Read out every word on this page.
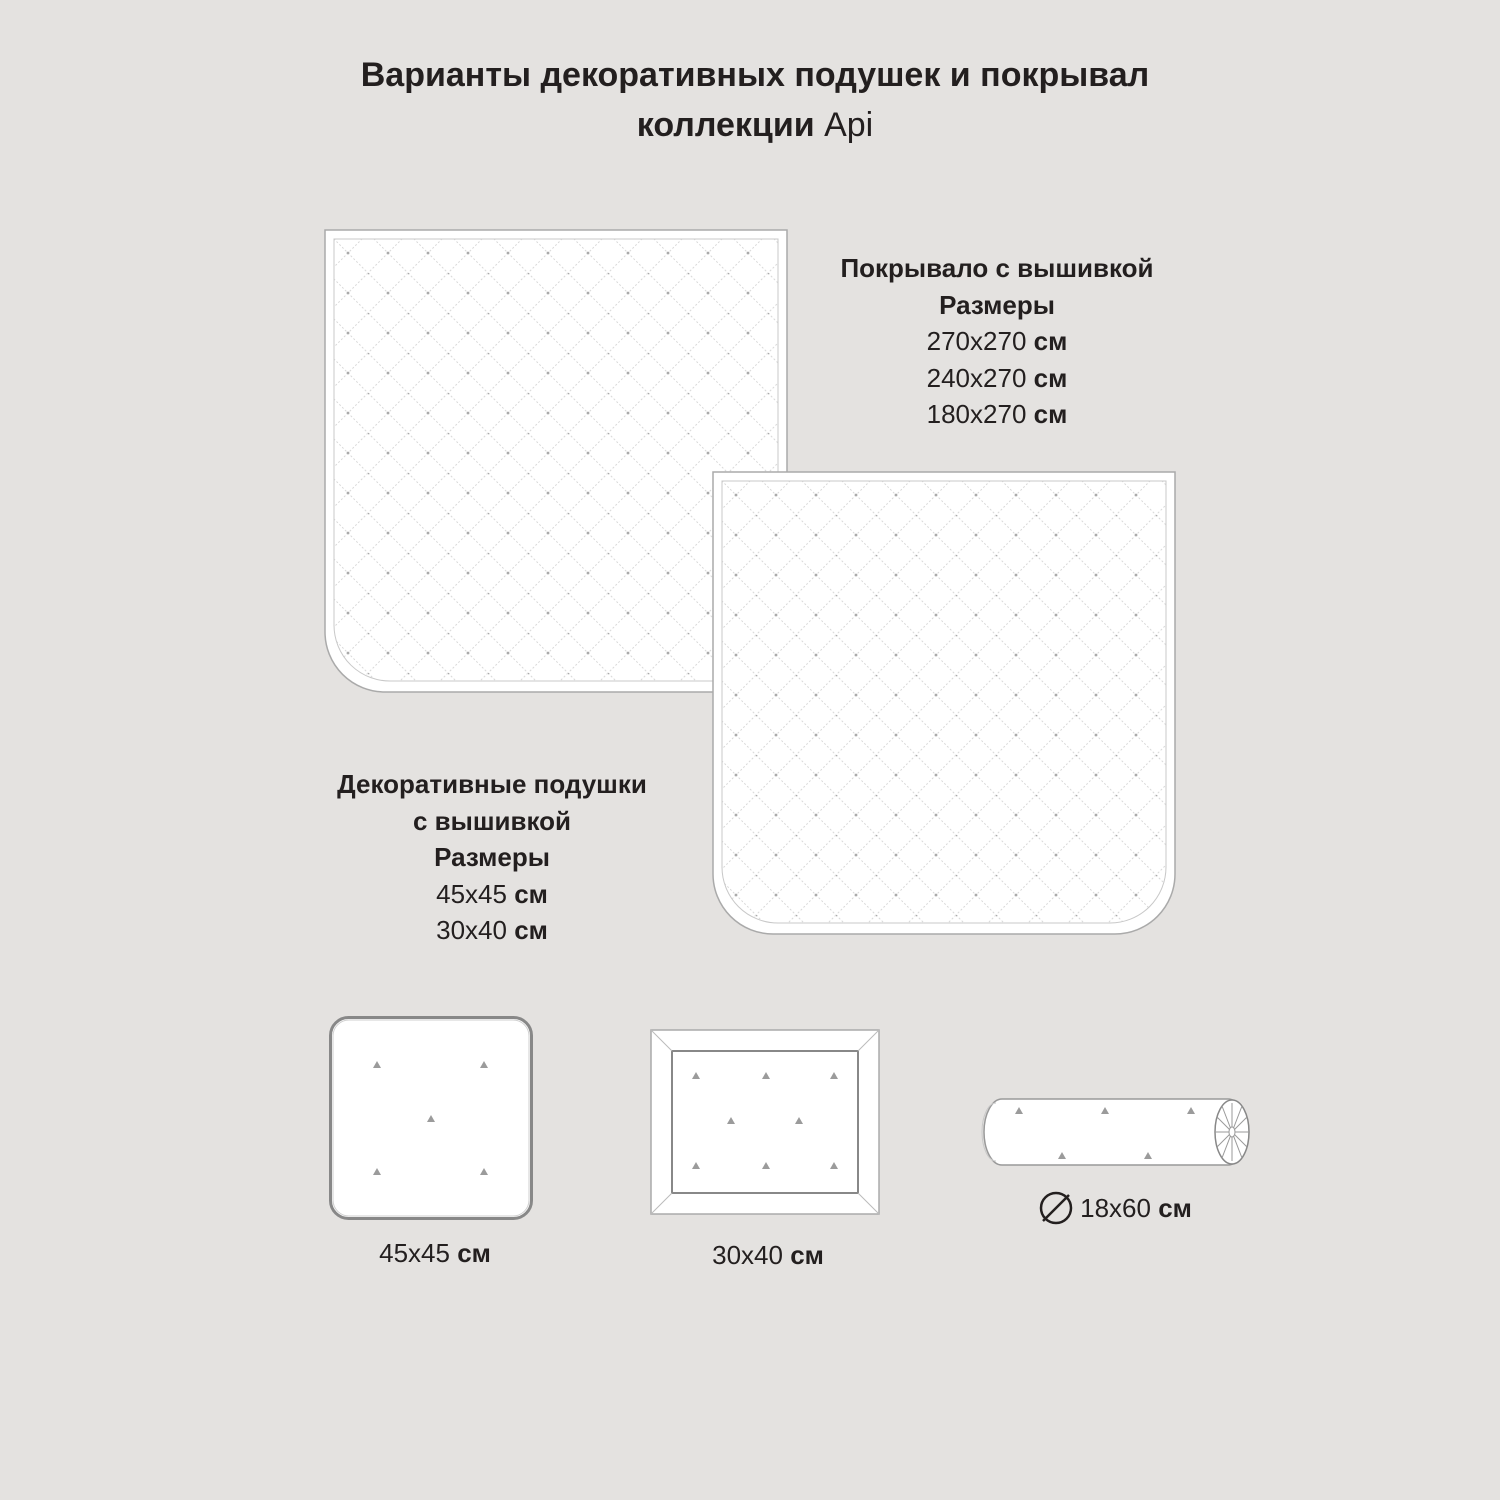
Варианты декоративных подушек и покрывал
коллекции Api
Покрывало с вышивкой
Размеры
270x270 см
240x270 см
180x270 см
Декоративные подушки
с вышивкой
Размеры
45x45 см
30x40 см
45x45 см	30x40 см
18x60 см
